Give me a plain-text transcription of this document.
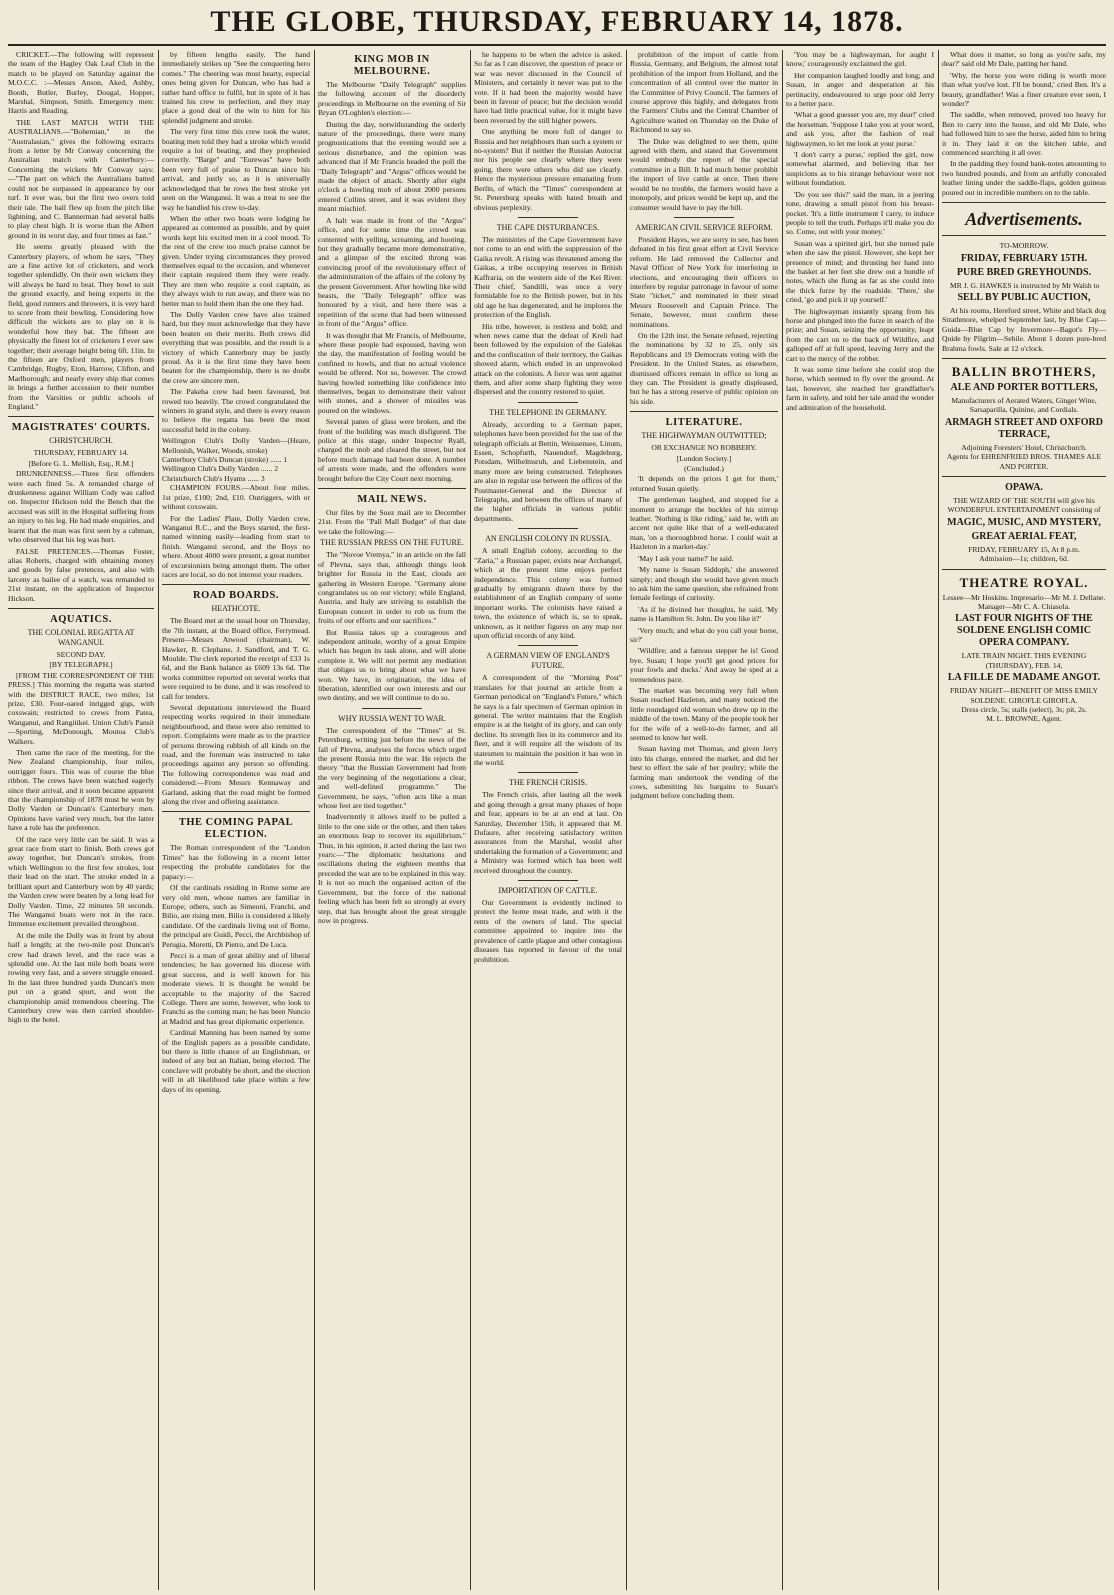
THE GLOBE, THURSDAY, FEBRUARY 14, 1878.

CRICKET.—The following will represent the team of the Hagley Oak Leaf Club in the match to be played on Saturday against the M.O.C.C. :—Messrs Anson, Aked, Ashby, Booth, Butler, Burley, Dougal, Hopper, Marshal, Simpson, Smith. Emergency men: Harris and Reading.

THE LAST MATCH WITH THE AUSTRALIANS.—"Bohemian," in the "Australasian," gives the following extracts from a letter by Mr Conway concerning the Australian match with Canterbury:—Concerning the wickets Mr Conway says:—"The part on which the Australians batted could not be surpassed in appearance by our turf. It ever was, but the first two overs told their tale. The ball flew up from the pitch like lightning, and C. Bannerman had several balls to play chest high. It is worse than the Albert ground in its worst day, and four times as fast."

He seems greatly pleased with the Canterbury players, of whom he says, "They are a fine active lot of cricketers, and work together splendidly. On their own wickets they will always be hard to beat. They bowl to suit the ground exactly, and being experts in the field, good runners and throwers, it is very hard to score from their bowling. Considering how difficult the wickets are to play on it is wonderful how they bat. The fifteen are physically the finest lot of cricketers I ever saw together; their average height being 6ft. 11in. In the fifteen are Oxford men, players from Cambridge, Rugby, Eton, Harrow, Clifton, and Marlborough; and nearly every ship that comes in brings a further accession to their number from the Varsities or public schools of England."

MAGISTRATES' COURTS.
CHRISTCHURCH.
THURSDAY, FEBRUARY 14.
[Before G. L. Mellish, Esq., R.M.]

DRUNKENNESS.—Three first offenders were each fined 5s. A remanded charge of drunkenness against William Cody was called on. Inspector Hickson told the Bench that the accused was still in the Hospital suffering from an injury to his leg. He had made enquiries, and learnt that the man was first seen by a cabman, who observed that his leg was hurt.

FALSE PRETENCES.—Thomas Foster, alias Roberts, charged with obtaining money and goods by false pretences, and also with larceny as bailee of a watch, was remanded to 21st instant, on the application of Inspector Hickson.

AQUATICS.
THE COLONIAL REGATTA AT WANGANUI.
SECOND DAY.
[BY TELEGRAPH.]

[FROM THE CORRESPONDENT OF THE PRESS.] This morning the regatta was started with the DISTRICT RACE, two miles; 1st prize, £30. Four-oared inrigged gigs, with coxswain; restricted to crews from Patea, Wanganui, and Rangitikei. Union Club's Pansit—Sporting, McDonough, Moutoa Club's Walkers.

Then came the race of the meeting, for the New Zealand championship, four miles, outrigger fours. This was of course the blue ribbon. The crews have been watched eagerly since their arrival, and it soon became apparent that the championship of 1878 must be won by Dolly Varden or Duncan's Canterbury men. Opinions have varied very much, but the latter have a rule has the preference.

Of the race very little can be said. It was a great race from start to finish. Both crews got away together, but Duncan's strokes, from which Wellington to the first few strokes, lost their lead on the start. The stroke ended in a brilliant spurt and Canterbury won by 40 yards; the Varden crew were beaten by a long lead for Dolly Varden. Time, 22 minutes 50 seconds. The Wanganui boats were not in the race. Immense excitement prevailed throughout.

At the mile the Dolly was in front by about half a length; at the two-mile post Duncan's crew had drawn level, and the race was a splendid one. At the last mile both boats were rowing very fast, and a severe struggle ensued. In the last three hundred yards Duncan's men put on a grand spurt, and won the championship amid tremendous cheering. The Canterbury crew was then carried shoulder-high to the hotel.

by fifteen lengths easily. The hand immediately strikes up "See the conquering hero comes." The cheering was most hearty, especial ones being given for Duncan, who has had a rather hard office to fulfil, but in spite of it has trained his crew to perfection, and they may place a good deal of the win to him for his splendid judgment and stroke.

The very first time this crew took the water, boating men told they had a stroke which would require a lot of beating, and they prophesied correctly. "Barge" and "Eurewas" have both been very full of praise to Duncan since his arrival, and justly so, as it is universally acknowledged that he rows the best stroke yet seen on the Wanganui. It was a treat to see the way he handled his crew to-day.

When the other two boats were lodging he appeared as contented as possible, and by quiet words kept his excited men in a cool mood. To the rest of the crew too much praise cannot be given. Under trying circumstances they proved themselves equal to the occasion, and whenever their captain required them they were ready. They are men who require a cool captain, as they always wish to run away, and there was no better man to hold them than the one they had.

The Dolly Varden crew have also trained hard, but they must acknowledge that they have been beaten on their merits. Both crews did everything that was possible, and the result is a victory of which Canterbury may be justly proud. As it is the first time they have been beaten for the championship, there is no doubt the crew are sincere men.

The Pakeha crew had been favoured, but rowed too heavily. The crowd congratulated the winners in grand style, and there is every reason to believe the regatta has been the most successful held in the colony.

Wellington Club's Dolly Varden—(Heare, Mellonish, Walker, Woods, stroke)
Canterbury Club's Duncan (stroke) ...... 1
Wellington Club's Dolly Varden ...... 2
Christchurch Club's Hyams ...... 3

CHAMPION FOURS.—About four miles. 1st prize, £100; 2nd, £10. Outriggers, with or without coxswain.

For the Ladies' Plate, Dolly Varden crew, Wanganui R.C., and the Boys started, the first-named winning easily—leading from start to finish. Wanganui second, and the Boys no where. About 4000 were present, a great number of excursionists being amongst them. The other races are local, so do not interest your readers.

ROAD BOARDS.
HEATHCOTE.

The Board met at the usual hour on Thursday, the 7th instant, at the Board office, Ferrymead. Present—Messrs Atwood (chairman), W. Hawker, R. Clephane, J. Sandford, and T. G. Moulde. The clerk reported the receipt of £33 1s 6d, and the Bank balance as £609 13s 6d. The works committee reported on several works that were required to be done, and it was resolved to call for tenders.

Several deputations interviewed the Board respecting works required in their immediate neighbourhood, and these were also remitted to report. Complaints were made as to the practice of persons throwing rubbish of all kinds on the road, and the foreman was instructed to take proceedings against any person so offending. The following correspondence was read and considered:—From Messrs Kennaway and Garland, asking that the road might be formed along the river and offering assistance.

THE COMING PAPAL ELECTION.

The Roman correspondent of the "London Times" has the following in a recent letter respecting the probable candidates for the papacy:—

Of the cardinals residing in Rome some are very old men, whose names are familiar in Europe; others, such as Simeoni, Franchi, and Bilio, are rising men. Bilio is considered a likely candidate. Of the cardinals living out of Rome, the principal are Guidi, Pecci, the Archbishop of Perugia, Moretti, Di Pietro, and De Luca.

Pecci is a man of great ability and of liberal tendencies; he has governed his diocese with great success, and is well known for his moderate views. It is thought he would be acceptable to the majority of the Sacred College. There are some, however, who look to Franchi as the coming man; he has been Nuncio at Madrid and has great diplomatic experience.

Cardinal Manning has been named by some of the English papers as a possible candidate, but there is little chance of an Englishman, or indeed of any but an Italian, being elected. The conclave will probably be short, and the election will in all likelihood take place within a few days of its opening.

KING MOB IN MELBOURNE.

The Melbourne "Daily Telegraph" supplies the following account of the disorderly proceedings in Melbourne on the evening of Sir Bryan O'Loghlen's election:—

During the day, notwithstanding the orderly nature of the proceedings, there were many prognostications that the evening would see a serious disturbance, and the opinion was advanced that if Mr Francis headed the poll the "Daily Telegraph" and "Argus" offices would be made the object of attack. Shortly after eight o'clock a howling mob of about 2000 persons entered Collins street, and it was evident they meant mischief.

A halt was made in front of the "Argus" office, and for some time the crowd was contented with yelling, screaming, and hooting, but they gradually became more demonstrative, and a glimpse of the excited throng was convincing proof of the revolutionary effect of the administration of the affairs of the colony by the present Government. After howling like wild beasts, the "Daily Telegraph" office was honoured by a visit, and here there was a repetition of the scene that had been witnessed in front of the "Argus" office.

It was thought that Mr Francis, of Melbourne, where these people had espoused, having won the day, the manifestation of feeling would be confined to howls, and that no actual violence would be offered. Not so, however. The crowd having howled something like confidence into themselves, began to demonstrate their valour with stones, and a shower of missiles was poured on the windows.

Several panes of glass were broken, and the front of the building was much disfigured. The police at this stage, under Inspector Ryall, charged the mob and cleared the street, but not before much damage had been done. A number of arrests were made, and the offenders were brought before the City Court next morning.

MAIL NEWS.

Our files by the Suez mail are to December 21st. From the "Pall Mall Budget" of that date we take the following:—

THE RUSSIAN PRESS ON THE FUTURE.

The "Novoe Vremya," in an article on the fall of Plevna, says that, although things look brighter for Russia in the East, clouds are gathering in Western Europe. "Germany alone congratulates us on our victory; while England, Austria, and Italy are striving to establish the European concert in order to rob us from the fruits of our efforts and our sacrifices."

But Russia takes up a courageous and independent attitude, worthy of a great Empire which has begun its task alone, and will alone complete it. We will not permit any mediation that obliges us to bring about what we have won. We have, in origination, the idea of liberation, identified our own interests and our own destiny, and we will continue to do so.

WHY RUSSIA WENT TO WAR.

The correspondent of the "Times" at St. Petersburg, writing just before the news of the fall of Plevna, analyses the forces which urged the present Russia into the war. He rejects the theory "that the Russian Government had from the very beginning of the negotiations a clear, and well-defined programme." The Government, he says, "often acts like a man whose feet are tied together."

Inadvertently it allows itself to be pulled a little to the one side or the other, and then takes an enormous leap to recover its equilibrium." Thus, in his opinion, it acted during the last two years:—"The diplomatic hesitations and oscillations during the eighteen months that preceded the war are to be explained in this way. It is not so much the organised action of the Government, but the force of the national feeling which has been felt so strongly at every step, that has brought about the great struggle now in progress.

he happens to be when the advice is asked. So far as I can discover, the question of peace or war was never discussed in the Council of Ministers, and certainly it never was put to the vote. If it had been the majority would have been in favour of peace; but the decision would have had little practical value, for it might have been reversed by the still higher powers.

One anything be more full of danger to Russia and her neighbours than such a system or no-system? But if neither the Russian Autocrat nor his people see clearly where they were going, there were others who did see clearly. Hence the mysterious pressure emanating from Berlin, of which the "Times" correspondent at St. Petersburg speaks with bated breath and obvious perplexity.

THE CAPE DISTURBANCES.

The ministries of the Cape Government have not come to an end with the suppression of the Gaika revolt. A rising was threatened among the Gaikas, a tribe occupying reserves in British Kaffraria, on the western side of the Kei River. Their chief, Sandilli, was once a very formidable foe to the British power, but in his old age he has degenerated, and he implores the protection of the English.

His tribe, however, is restless and bold; and when news came that the defeat of Kreli had been followed by the expulsion of the Galekas and the confiscation of their territory, the Gaikas showed alarm, which ended in an unprovoked attack on the colonists. A force was sent against them, and after some sharp fighting they were dispersed and the country restored to quiet.

THE TELEPHONE IN GERMANY.

Already, according to a German paper, telephones have been provided for the use of the telegraph officials at Bettin, Weissensee, Linum, Essen, Schopfurth, Nauendorf, Magdeburg, Potsdam, Wilhelmsruh, and Liebenstein, and many more are being constructed. Telephones are also in regular use between the offices of the Postmaster-General and the Director of Telegraphs, and between the offices of many of the higher officials in various public departments.

AN ENGLISH COLONY IN RUSSIA.

A small English colony, according to the "Zaria," a Russian paper, exists near Archangel, which at the present time enjoys perfect independence. This colony was formed gradually by emigrants drawn there by the establishment of an English company of some important works. The colonists have raised a town, the existence of which is, so to speak, unknown, as it neither figures on any map nor upon official records of any kind.

A GERMAN VIEW OF ENGLAND'S FUTURE.

A correspondent of the "Morning Post" translates for that journal an article from a German periodical on "England's Future," which he says is a fair specimen of German opinion in general. The writer maintains that the English empire is at the height of its glory, and can only decline. Its strength lies in its commerce and its fleet, and it will require all the wisdom of its statesmen to maintain the position it has won in the world.

THE FRENCH CRISIS.

The French crisis, after lasting all the week and going through a great many phases of hope and fear, appears to be at an end at last. On Saturday, December 15th, it appeared that M. Dufaure, after receiving satisfactory written assurances from the Marshal, would after undertaking the formation of a Government; and a Ministry was formed which has been well received throughout the country.

IMPORTATION OF CATTLE.

Our Government is evidently inclined to protect the home meat trade, and with it the rents of the owners of land. The special committee appointed to inquire into the prevalence of cattle plague and other contagious diseases has reported in favour of the total prohibition.

prohibition of the import of cattle from Russia, Germany, and Belgium, the almost total prohibition of the import from Holland, and the concentration of all control over the matter in the Committee of Privy Council. The farmers of course approve this highly, and delegates from the Farmers' Clubs and the Central Chamber of Agriculture waited on Thursday on the Duke of Richmond to say so.

The Duke was delighted to see them, quite agreed with them, and stated that Government would embody the report of the special committee in a Bill. It had much better prohibit the import of live cattle at once. Then there would be no trouble, the farmers would have a monopoly, and prices would be kept up, and the consumer would have to pay the bill.

AMERICAN CIVIL SERVICE REFORM.

President Hayes, we are sorry to see, has been defeated in his first great effort at Civil Service reform. He laid removed the Collector and Naval Officer of New York for interfering in elections, and encouraging their officers to interfere by regular patronage in favour of some State "ticket," and nominated in their stead Messrs Roosevelt and Captain Prince. The Senate, however, must confirm these nominations.

On the 12th inst. the Senate refused, rejecting the nominations by 32 to 25, only six Republicans and 19 Democrats voting with the President. In the United States, as elsewhere, dismissed officers remain in office so long as they can. The President is greatly displeased, but he has a strong reserve of public opinion on his side.

LITERATURE.
THE HIGHWAYMAN OUTWITTED;
OR EXCHANGE NO ROBBERY.
[London Society.]
(Concluded.)

'It depends on the prices I get for them,' returned Susan quietly.

The gentleman laughed, and stopped for a moment to arrange the buckles of his stirrup leather. 'Nothing is like riding,' said he, with an accent not quite like that of a well-educated man, 'on a thoroughbred horse. I could wait at Hazleton in a market-day.'

'May I ask your name?' he said.

'My name is Susan Siddoph,' she answered simply; and though she would have given much to ask him the same question, she refrained from female feelings of curiosity.

'As if he divined her thoughts, he said, 'My name is Hamilton St. John. Do you like it?'

'Very much; and what do you call your horse, sir?'

'Wildfire; and a famous stepper he is! Good bye, Susan; I hope you'll get good prices for your fowls and ducks.' And away he sped at a tremendous pace.

The market was becoming very full when Susan reached Hazleton, and many noticed the little roundaged old woman who drew up in the middle of the town. Many of the people took her for the wife of a well-to-do farmer, and all seemed to know her well.

Susan having met Thomas, and given Jerry into his charge, entered the market, and did her best to effect the sale of her poultry; while the farming man undertook the vending of the cows, submitting his bargains to Susan's judgment before concluding them.

'You may be a highwayman, for aught I know,' courageously exclaimed the girl.

Her companion laughed loudly and long; and Susan, in anger and desperation at his pertinacity, endeavoured to urge poor old Jerry to a better pace.

'What a good guesser you are, my dear!' cried the horseman. 'Suppose I take you at your word, and ask you, after the fashion of real highwaymen, to let me look at your purse.'

'I don't carry a purse,' replied the girl, now somewhat alarmed, and believing that her suspicions as to his strange behaviour were not without foundation.

'Do you see this?' said the man, in a jeering tone, drawing a small pistol from his breast-pocket. 'It's a little instrument I carry, to induce people to tell the truth. Perhaps it'll make you do so. Come, out with your money.'

Susan was a spirited girl, but she turned pale when she saw the pistol. However, she kept her presence of mind; and thrusting her hand into the basket at her feet she drew out a bundle of notes, which she flung as far as she could into the thick furze by the roadside. 'There,' she cried, 'go and pick it up yourself.'

The highwayman instantly sprang from his horse and plunged into the furze in search of the prize; and Susan, seizing the opportunity, leapt from the cart on to the back of Wildfire, and galloped off at full speed, leaving Jerry and the cart to the mercy of the robber.

It was some time before she could stop the horse, which seemed to fly over the ground. At last, however, she reached her grandfather's farm in safety, and told her tale amid the wonder and admiration of the household.

What does it matter, so long as you're safe, my dear?' said old Mr Dale, patting her hand.

'Why, the horse you were riding is worth more than what you've lost. I'll be bound,' cried Ben. It's a beauty, grandfather! Was a finer creature ever seen, I wonder?'

The saddle, when removed, proved too heavy for Ben to carry into the house, and old Mr Dale, who had followed him to see the horse, aided him to bring it in. They laid it on the kitchen table, and commenced searching it all over.

In the padding they found bank-notes amounting to two hundred pounds, and from an artfully concealed leather lining under the saddle-flaps, golden guineas poured out in incredible numbers on to the table.

Advertisements.
TO-MORROW.
FRIDAY, FEBRUARY 15TH.
PURE BRED GREYHOUNDS.

MR J. G. HAWKES is instructed by Mr Walsh to

SELL BY PUBLIC AUCTION,

At his rooms, Hereford street, White and black dog Strathmore, whelped September last, by Blue Cap—Guida—Blue Cap by Invermore—Bagot's Fly—Quide by Pilgrim—Sebile. About 1 dozen pure-bred Brahma fowls. Sale at 12 o'clock.

BALLIN BROTHERS,
ALE AND PORTER BOTTLERS,
Manufacturers of Aerated Waters, Ginger Wine, Sarsaparilla, Quinine, and Cordials.
ARMAGH STREET AND OXFORD TERRACE,
Adjoining Foresters' Hotel, Christchurch.
Agents for EHRENFRIED BROS. THAMES ALE AND PORTER.
OPAWA.
THE WIZARD OF THE SOUTH will give his WONDERFUL ENTERTAINMENT consisting of
MAGIC, MUSIC, AND MYSTERY,
GREAT AERIAL FEAT,
FRIDAY, FEBRUARY 15, At 8 p.m.
Admission—1s; children, 6d.
THEATRE ROYAL.
Lessee—Mr Hoskins. Impresario—Mr M. J. Dellane. Manager—Mr C. A. Chiasola.
LAST FOUR NIGHTS OF THE SOLDENE ENGLISH COMIC OPERA COMPANY.
LATE TRAIN NIGHT. THIS EVENING (THURSDAY), FEB. 14,
LA FILLE DE MADAME ANGOT.
FRIDAY NIGHT—BENEFIT OF MISS EMILY SOLDENE. GIROFLE GIROFLA.
Dress circle, 5s; stalls (select), 3s; pit, 2s.
M. L. BROWNE, Agent.
